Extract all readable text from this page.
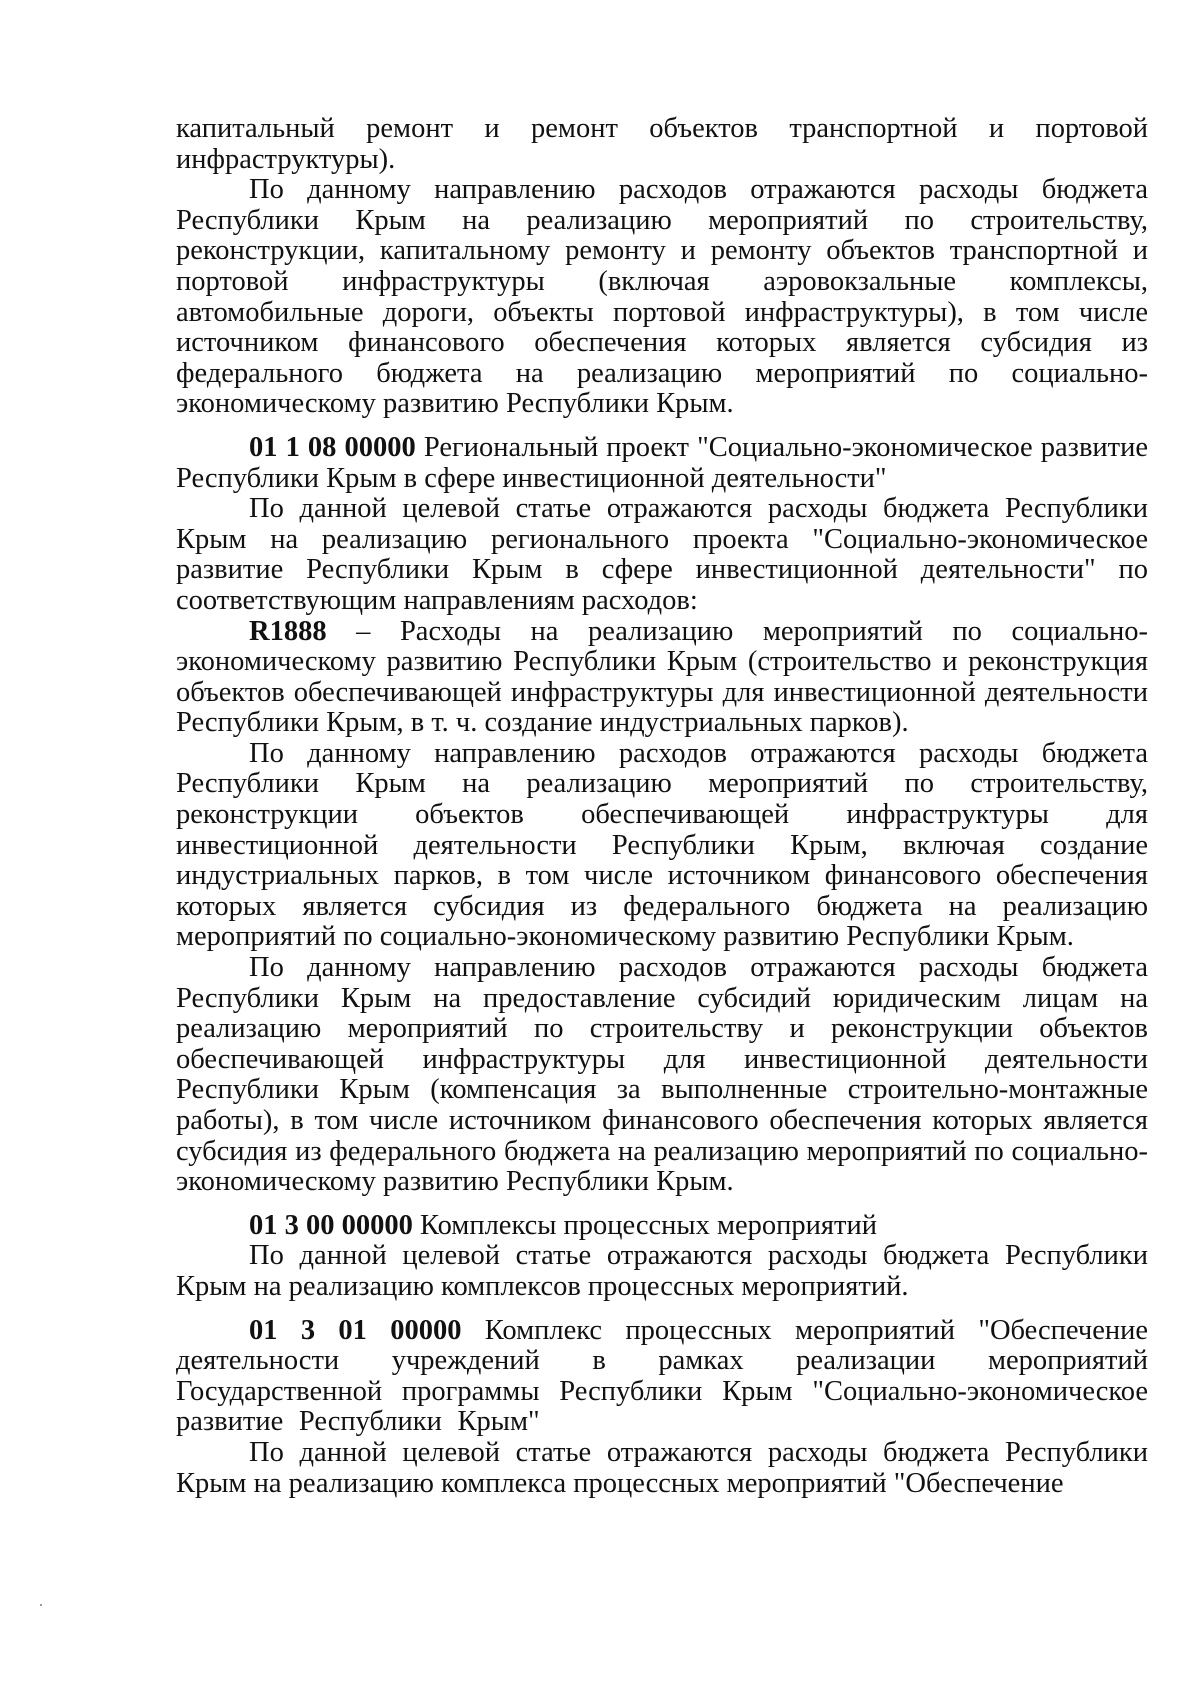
капитальный ремонт и ремонт объектов транспортной и портовой инфраструктуры).

По данному направлению расходов отражаются расходы бюджета Республики Крым на реализацию мероприятий по строительству, реконструкции, капитальному ремонту и ремонту объектов транспортной и портовой инфраструктуры (включая аэровокзальные комплексы, автомобильные дороги, объекты портовой инфраструктуры), в том числе источником финансового обеспечения которых является субсидия из федерального бюджета на реализацию мероприятий по социально-экономическому развитию Республики Крым.

01 1 08 00000 Региональный проект "Социально-экономическое развитие Республики Крым в сфере инвестиционной деятельности"

По данной целевой статье отражаются расходы бюджета Республики Крым на реализацию регионального проекта "Социально-экономическое развитие Республики Крым в сфере инвестиционной деятельности" по соответствующим направлениям расходов:

R1888 – Расходы на реализацию мероприятий по социально-экономическому развитию Республики Крым (строительство и реконструкция объектов обеспечивающей инфраструктуры для инвестиционной деятельности Республики Крым, в т. ч. создание индустриальных парков).

По данному направлению расходов отражаются расходы бюджета Республики Крым на реализацию мероприятий по строительству, реконструкции объектов обеспечивающей инфраструктуры для инвестиционной деятельности Республики Крым, включая создание индустриальных парков, в том числе источником финансового обеспечения которых является субсидия из федерального бюджета на реализацию мероприятий по социально-экономическому развитию Республики Крым.

По данному направлению расходов отражаются расходы бюджета Республики Крым на предоставление субсидий юридическим лицам на реализацию мероприятий по строительству и реконструкции объектов обеспечивающей инфраструктуры для инвестиционной деятельности Республики Крым (компенсация за выполненные строительно-монтажные работы), в том числе источником финансового обеспечения которых является субсидия из федерального бюджета на реализацию мероприятий по социально-экономическому развитию Республики Крым.

01 3 00 00000 Комплексы процессных мероприятий

По данной целевой статье отражаются расходы бюджета Республики Крым на реализацию комплексов процессных мероприятий.

01 3 01 00000 Комплекс процессных мероприятий "Обеспечение деятельности учреждений в рамках реализации мероприятий Государственной программы Республики Крым "Социально-экономическое развитие Республики Крым"

По данной целевой статье отражаются расходы бюджета Республики Крым на реализацию комплекса процессных мероприятий "Обеспечение
